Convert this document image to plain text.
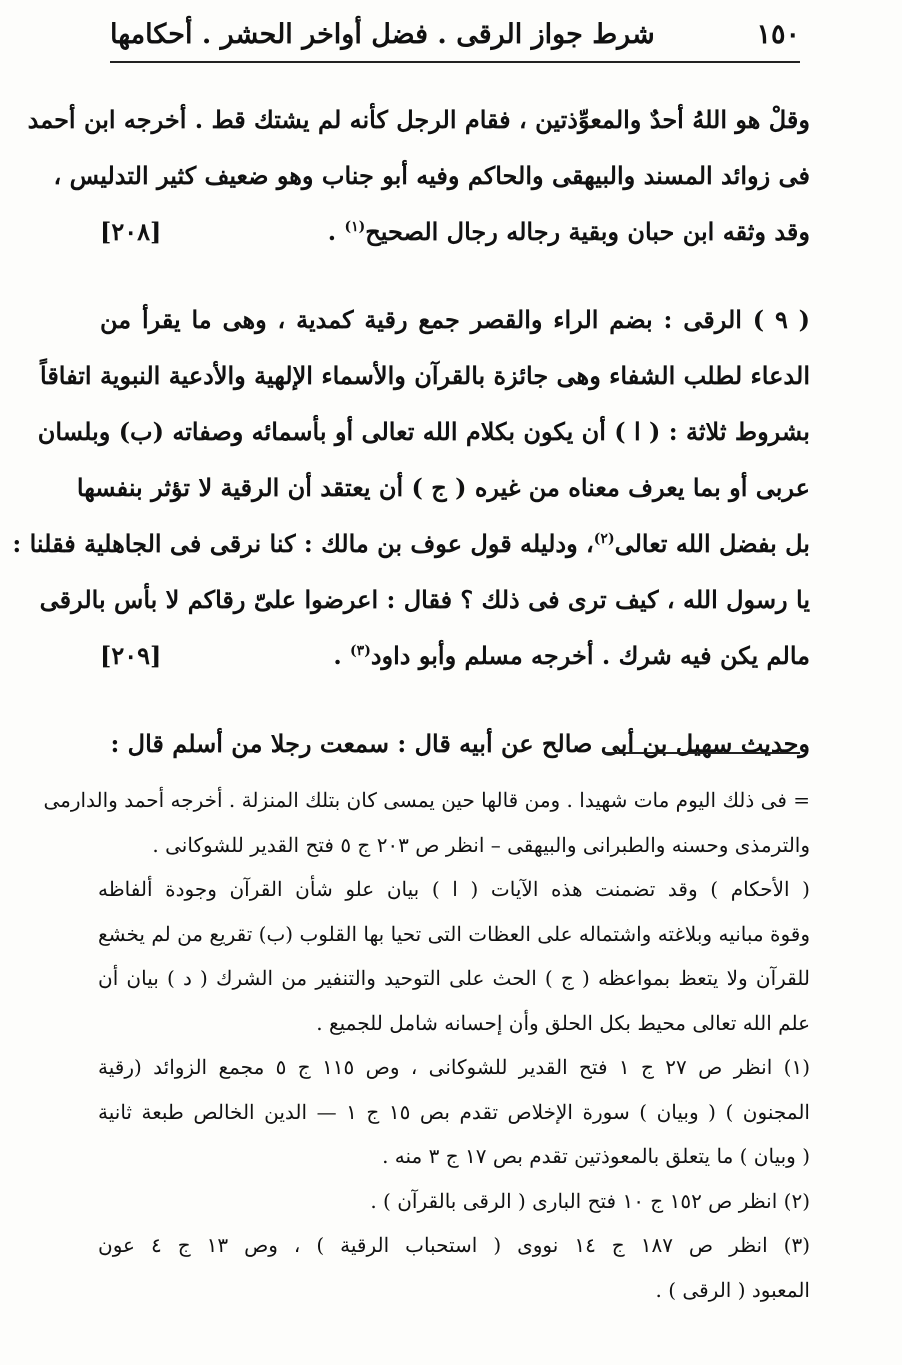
١٥٠
شرط جواز الرقى . فضل أواخر الحشر . أحكامها
وقلْ هو اللهُ أحدٌ والمعوِّذتين ، فقام الرجل كأنه لم يشتك قط . أخرجه ابن أحمد
فى زوائد المسند والبيهقى والحاكم وفيه أبو جناب وهو ضعيف كثير التدليس ،
وقد وثقه ابن حبان وبقية رجاله رجال الصحيح$^{(١)}$ .
[٢٠٨]
( ٩ ) الرقى : بضم الراء والقصر جمع رقية كمدية ، وهى ما يقرأ من
الدعاء لطلب الشفاء وهى جائزة بالقرآن والأسماء الإلهية والأدعية النبوية اتفاقاً
بشروط ثلاثة : ( ا ) أن يكون بكلام الله تعالى أو بأسمائه وصفاته (ب) وبلسان
عربى أو بما يعرف معناه من غيره ( ج ) أن يعتقد أن الرقية لا تؤثر بنفسها
بل بفضل الله تعالى$^{(٢)}$، ودليله قول عوف بن مالك : كنا نرقى فى الجاهلية فقلنا :
يا رسول الله ، كيف ترى فى ذلك ؟ فقال : اعرضوا علىّ رقاكم لا بأس بالرقى
مالم يكن فيه شرك . أخرجه مسلم وأبو داود$^{(٣)}$ .
[٢٠٩]
وحديث سهيل بن أبى صالح عن أبيه قال : سمعت رجلا من أسلم قال :
= فى ذلك اليوم مات شهيدا . ومن قالها حين يمسى كان بتلك المنزلة . أخرجه أحمد والدارمى
والترمذى وحسنه والطبرانى والبيهقى – انظر ص ٢٠٣ ج ٥ فتح القدير للشوكانى .
( الأحكام ) وقد تضمنت هذه الآيات ( ا ) بيان علو شأن القرآن وجودة ألفاظه
وقوة مبانيه وبلاغته واشتماله على العظات التى تحيا بها القلوب (ب) تقريع من لم يخشع
للقرآن ولا يتعظ بمواعظه ( ج ) الحث على التوحيد والتنفير من الشرك ( د ) بيان أن
علم الله تعالى محيط بكل الحلق وأن إحسانه شامل للجميع .
(١) انظر ص ٢٧ ج ١ فتح القدير للشوكانى ، وص ١١٥ ج ٥ مجمع الزوائد (رقية
المجنون ) ( وبيان ) سورة الإخلاص تقدم بص ١٥ ج ١ — الدين الخالص طبعة ثانية
( وبيان ) ما يتعلق بالمعوذتين تقدم بص ١٧ ج ٣ منه .
(٢) انظر ص ١٥٢ ج ١٠ فتح البارى ( الرقى بالقرآن ) .
(٣) انظر ص ١٨٧ ج ١٤ نووى ( استحباب الرقية ) ، وص ١٣ ج ٤ عون
المعبود ( الرقى ) .
